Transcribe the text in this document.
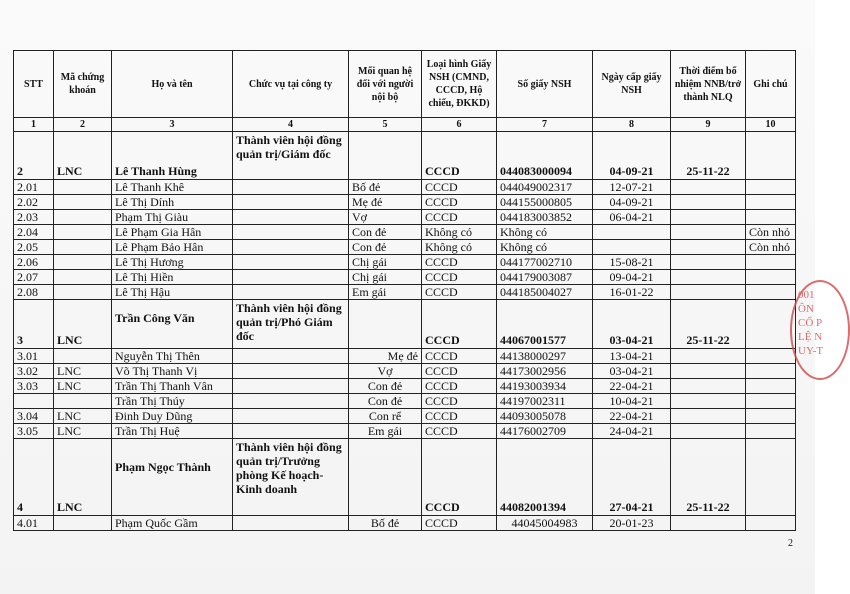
STT	Mã chứng khoán	Họ và tên	Chức vụ tại công ty	Mối quan hệ đối với người nội bộ	Loại hình Giấy NSH (CMND, CCCD, Hộ chiếu, ĐKKD)	Số giấy NSH	Ngày cấp giấy NSH	Thời điểm bổ nhiệm NNB/trở thành NLQ	Ghi chú
1	2	3	4	5	6	7	8	9	10
2	LNC	Lê Thanh Hùng	Thành viên hội đồng quản trị/Giám đốc		CCCD	044083000094	04-09-21	25-11-22	
2.01		Lê Thanh Khê		Bố đẻ	CCCD	044049002317	12-07-21		
2.02		Lê Thị Dính		Mẹ đẻ	CCCD	044155000805	04-09-21		
2.03		Phạm Thị Giàu		Vợ	CCCD	044183003852	06-04-21		
2.04		Lê Phạm Gia Hân		Con đẻ	Không có	Không có			Còn nhỏ
2.05		Lê Phạm Bảo Hân		Con đẻ	Không có	Không có			Còn nhỏ
2.06		Lê Thị Hương		Chị gái	CCCD	044177002710	15-08-21		
2.07		Lê Thị Hiền		Chị gái	CCCD	044179003087	09-04-21		
2.08		Lê Thị Hậu		Em gái	CCCD	044185004027	16-01-22		
3	LNC	Trần Công Văn	Thành viên hội đồng quản trị/Phó Giám đốc		CCCD	44067001577	03-04-21	25-11-22	
3.01		Nguyễn Thị Thên		Mẹ đẻ	CCCD	44138000297	13-04-21		
3.02	LNC	Võ Thị Thanh Vị		Vợ	CCCD	44173002956	03-04-21		
3.03	LNC	Trần Thị Thanh Vân		Con đẻ	CCCD	44193003934	22-04-21		
		Trần Thị Thúy		Con đẻ	CCCD	44197002311	10-04-21		
3.04	LNC	Đinh Duy Dũng		Con rể	CCCD	44093005078	22-04-21		
3.05	LNC	Trần Thị Huệ		Em gái	CCCD	44176002709	24-04-21		
4	LNC	Phạm Ngọc Thành	Thành viên hội đồng quản trị/Trưởng phòng Kế hoạch-Kinh doanh		CCCD	44082001394	27-04-21	25-11-22	
4.01		Phạm Quốc Gầm		Bố đẻ	CCCD	44045004983	20-01-23		
001
ÔN
CỔ P
LỆ N
UY-T
2
